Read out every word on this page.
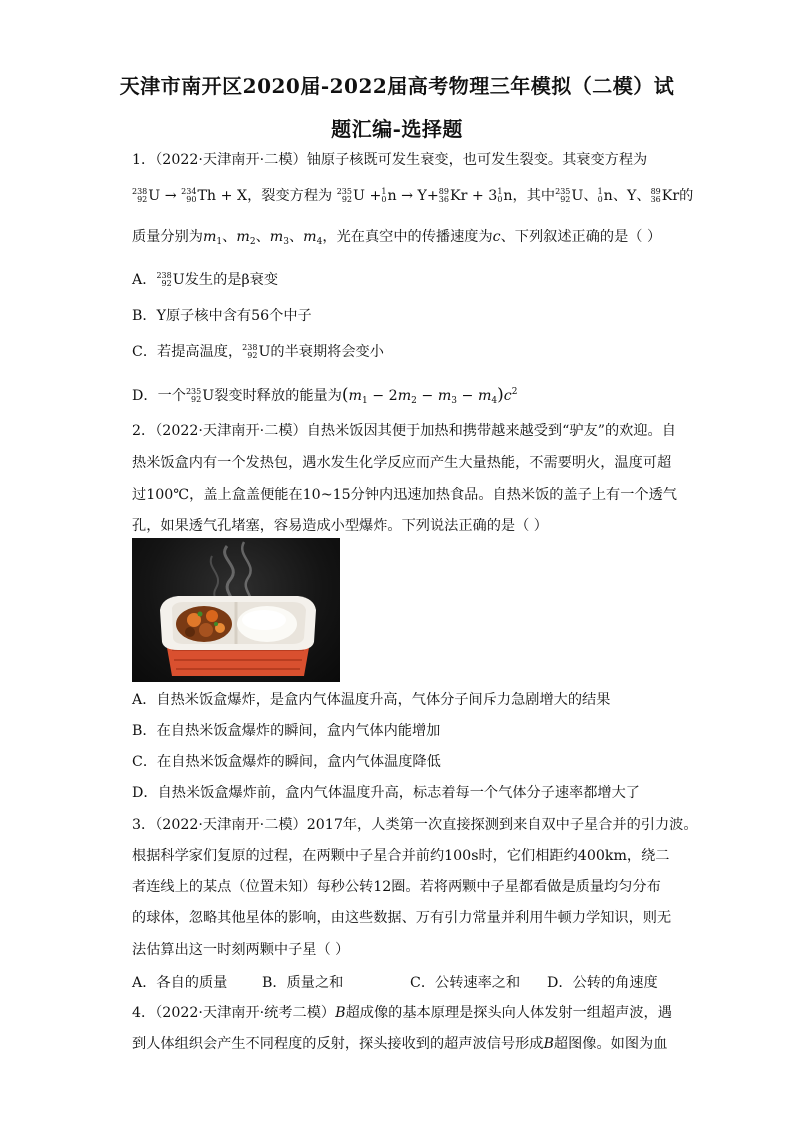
天津市南开区2020届-2022届高考物理三年模拟（二模）试
题汇编-选择题
1．（2022·天津南开·二模）铀原子核既可发生衰变，也可发生裂变。其衰变方程为
238
92 U → 234
90 Th + X，裂变方程为 235
92 U + 1
0 n → Y+ 89
36 Kr + 3 1
0 n，其中 235
92 U、 1
0 n、Y、 89
36 Kr的
质量分别为$m_1$、$m_2$、$m_3$、$m_4$，光在真空中的传播速度为c、下列叙述正确的是（ ）
A． 238
92 U发生的是β衰变
B．Y原子核中含有56个中子
C．若提高温度， 238
92 U的半衰期将会变小
D．一个 235
92 U裂变时释放的能量为$(m_1 - 2m_2 - m_3 - m_4)c^2$
2．（2022·天津南开·二模）自热米饭因其便于加热和携带越来越受到“驴友”的欢迎。自
热米饭盒内有一个发热包，遇水发生化学反应而产生大量热能，不需要明火，温度可超
过100℃，盖上盒盖便能在10~15分钟内迅速加热食品。自热米饭的盖子上有一个透气
孔，如果透气孔堵塞，容易造成小型爆炸。下列说法正确的是（ ）
A．自热米饭盒爆炸，是盒内气体温度升高，气体分子间斥力急剧增大的结果
B．在自热米饭盒爆炸的瞬间，盒内气体内能增加
C．在自热米饭盒爆炸的瞬间，盒内气体温度降低
D．自热米饭盒爆炸前，盒内气体温度升高，标志着每一个气体分子速率都增大了
3．（2022·天津南开·二模）2017年，人类第一次直接探测到来自双中子星合并的引力波。
根据科学家们复原的过程，在两颗中子星合并前约100s时，它们相距约400km，绕二
者连线上的某点（位置未知）每秒公转12圈。若将两颗中子星都看做是质量均匀分布
的球体，忽略其他星体的影响，由这些数据、万有引力常量并利用牛顿力学知识，则无
法估算出这一时刻两颗中子星（ ）
A．各自的质量 B．质量之和	C．公转速率之和 D．公转的角速度
4．（2022·天津南开·统考二模）B超成像的基本原理是探头向人体发射一组超声波，遇
到人体组织会产生不同程度的反射，探头接收到的超声波信号形成B超图像。如图为血
